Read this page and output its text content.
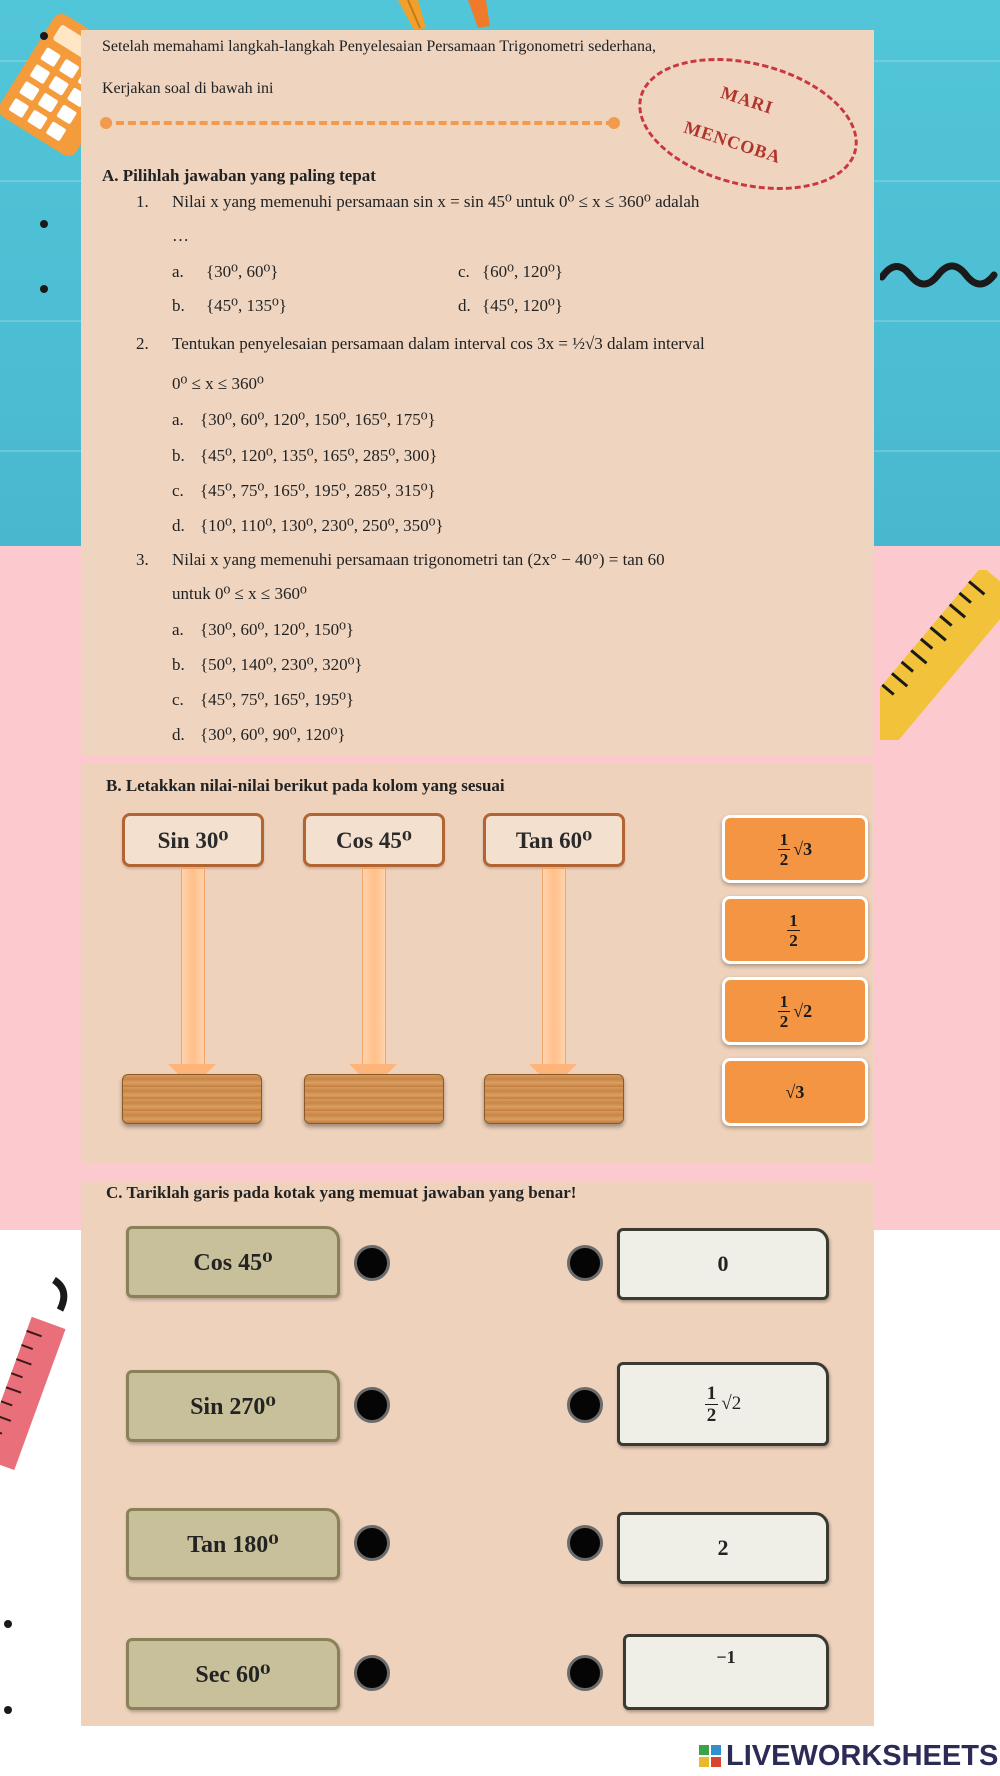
Setelah memahami langkah-langkah Penyelesaian Persamaan Trigonometri sederhana,
Kerjakan soal di bawah ini	MARI
MENCOBA
A. Pilihlah jawaban yang paling tepat
1. Nilai x yang memenuhi persamaan sin x = sin 45⁰ untuk 0⁰ ≤ x ≤ 360⁰ adalah
…
a. {30⁰, 60⁰}	c. {60⁰, 120⁰}
b. {45⁰, 135⁰}	d. {45⁰, 120⁰}
2. Tentukan penyelesaian persamaan dalam interval cos 3x = ½√3 dalam interval
0⁰ ≤ x ≤ 360⁰
a. {30⁰, 60⁰, 120⁰, 150⁰, 165⁰, 175⁰}
b. {45⁰, 120⁰, 135⁰, 165⁰, 285⁰, 300}
c. {45⁰, 75⁰, 165⁰, 195⁰, 285⁰, 315⁰}
d. {10⁰, 110⁰, 130⁰, 230⁰, 250⁰, 350⁰}
3. Nilai x yang memenuhi persamaan trigonometri tan (2x° − 40°) = tan 60
untuk 0⁰ ≤ x ≤ 360⁰
a. {30⁰, 60⁰, 120⁰, 150⁰}
b. {50⁰, 140⁰, 230⁰, 320⁰}
c. {45⁰, 75⁰, 165⁰, 195⁰}
d. {30⁰, 60⁰, 90⁰, 120⁰}
B. Letakkan nilai-nilai berikut pada kolom yang sesuai
Sin 30⁰	Cos 45⁰	Tan 60⁰	$\frac{1}{2} √3$
$\frac{1}{2}$
$\frac{1}{2} √2$
√3
C. Tariklah garis pada kotak yang memuat jawaban yang benar!
Cos 45⁰
Sin 270⁰
Tan 180⁰
Sec 60⁰
0
$\frac{1}{2} √2$
2
−1
LIVEWORKSHEETS
